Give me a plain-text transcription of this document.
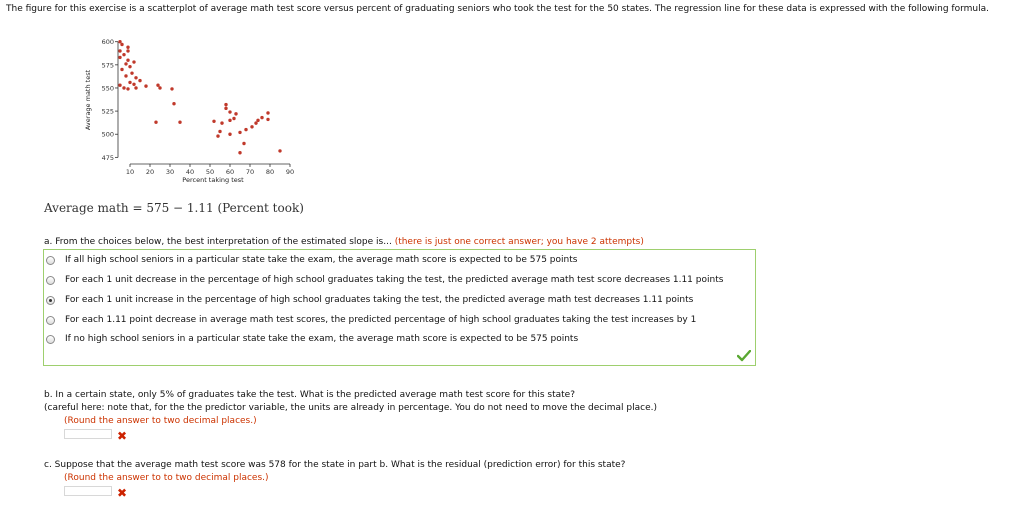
The figure for this exercise is a scatterplot of average math test score versus percent of graduating seniors who took the test for the 50 states. The regression line for these data is expressed with the following formula.
475
500
525
550
575
600
10 20 30 40 50 60 70 80 90
Percent taking test
Average math test
Average math = 575 − 1.11 (Percent took)
a. From the choices below, the best interpretation of the estimated slope is... (there is just one correct answer; you have 2 attempts)
If all high school seniors in a particular state take the exam, the average math score is expected to be 575 points
For each 1 unit decrease in the percentage of high school graduates taking the test, the predicted average math test score decreases 1.11 points
For each 1 unit increase in the percentage of high school graduates taking the test, the predicted average math test decreases 1.11 points
For each 1.11 point decrease in average math test scores, the predicted percentage of high school graduates taking the test increases by 1
If no high school seniors in a particular state take the exam, the average math score is expected to be 575 points
b. In a certain state, only 5% of graduates take the test. What is the predicted average math test score for this state?
(careful here: note that, for the the predictor variable, the units are already in percentage. You do not need to move the decimal place.)
(Round the answer to two decimal places.)
✖
c. Suppose that the average math test score was 578 for the state in part b. What is the residual (prediction error) for this state?
(Round the answer to to two decimal places.)
✖
